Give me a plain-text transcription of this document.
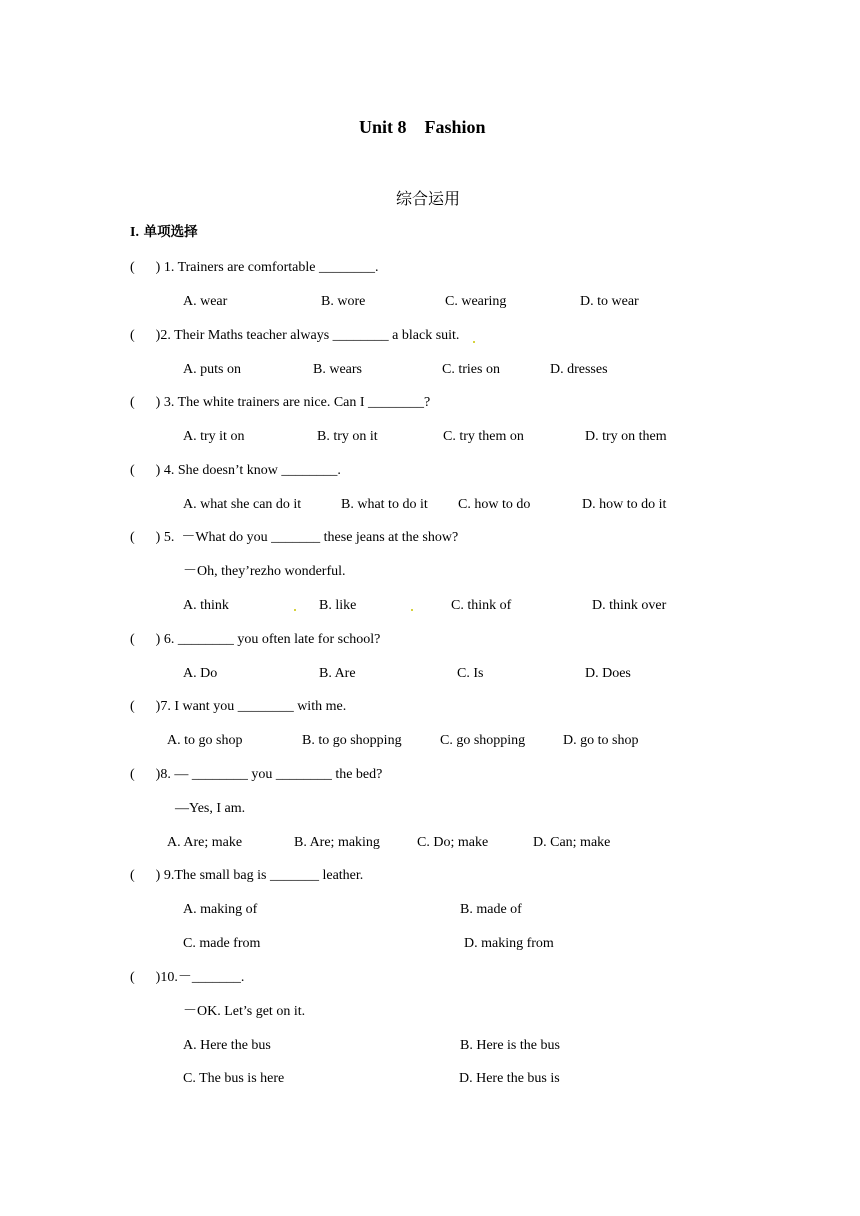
Unit 8    Fashion
综合运用
I. 单项选择
(      ) 1. Trainers are comfortable ________.
A. wear	B. wore	C. wearing	D. to wear
(      )2. Their Maths teacher always ________ a black suit.
A. puts on	B. wears	C. tries on	D. dresses
(      ) 3. The white trainers are nice. Can I ________?
A. try it on	B. try on it	C. try them on	D. try on them
(      ) 4. She doesn’t know ________.
A. what she can do it	B. what to do it C. how to do	D. how to do it
(      ) 5.  －What do you _______ these jeans at the show?
－Oh, they’rezho wonderful.
A. think	B. like	C. think of	D. think over
(      ) 6. ________ you often late for school?
A. Do	B. Are	C. Is	D. Does
(      )7. I want you ________ with me.
A. to go shop	B. to go shopping	C. go shopping	D. go to shop
(      )8. — ________ you ________ the bed?
—Yes, I am.
A. Are; make	B. Are; making	C. Do; make	D. Can; make
(      ) 9.The small bag is _______ leather.
A. making of	B. made of
C. made from	D. making from
(      )10.－_______.
－OK. Let’s get on it.
A. Here the bus	B. Here is the bus
C. The bus is here	D. Here the bus is
